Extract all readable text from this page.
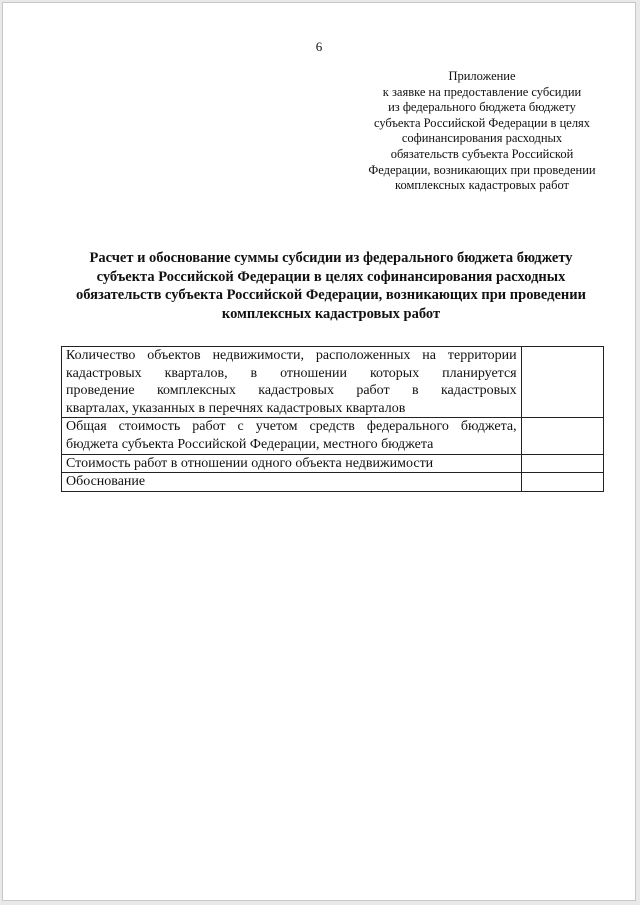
6
Приложение
к заявке на предоставление субсидии
из федерального бюджета бюджету
субъекта Российской Федерации в целях
софинансирования расходных
обязательств субъекта Российской
Федерации, возникающих при проведении
комплексных кадастровых работ
Расчет и обоснование суммы субсидии из федерального бюджета бюджету
субъекта Российской Федерации в целях софинансирования расходных
обязательств субъекта Российской Федерации, возникающих при проведении
комплексных кадастровых работ
Количество объектов недвижимости, расположенных на территории
кадастровых кварталов, в отношении которых планируется
проведение комплексных кадастровых работ в кадастровых
кварталах, указанных в перечнях кадастровых кварталов	

Общая стоимость работ с учетом средств федерального бюджета,
бюджета субъекта Российской Федерации, местного бюджета	

Стоимость работ в отношении одного объекта недвижимости	

Обоснование	
